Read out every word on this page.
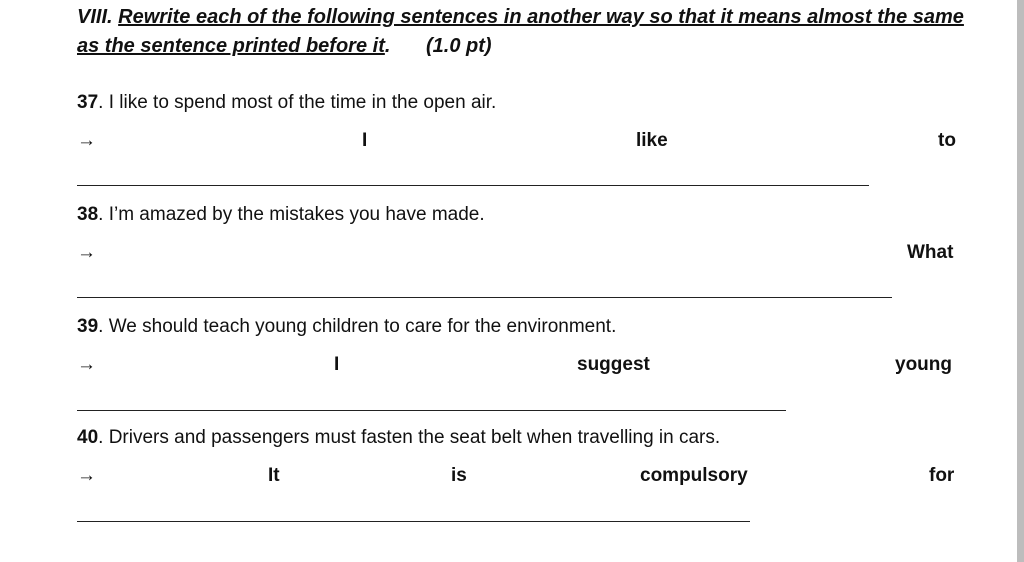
VIII. Rewrite each of the following sentences in another way so that it means almost the same as the sentence printed before it. (1.0 pt)
37. I like to spend most of the time in the open air.
→	I	like	to
38. I’m amazed by the mistakes you have made.
→	What
39. We should teach young children to care for the environment.
→	I	suggest	young
40. Drivers and passengers must fasten the seat belt when travelling in cars.
→	It	is	compulsory	for
